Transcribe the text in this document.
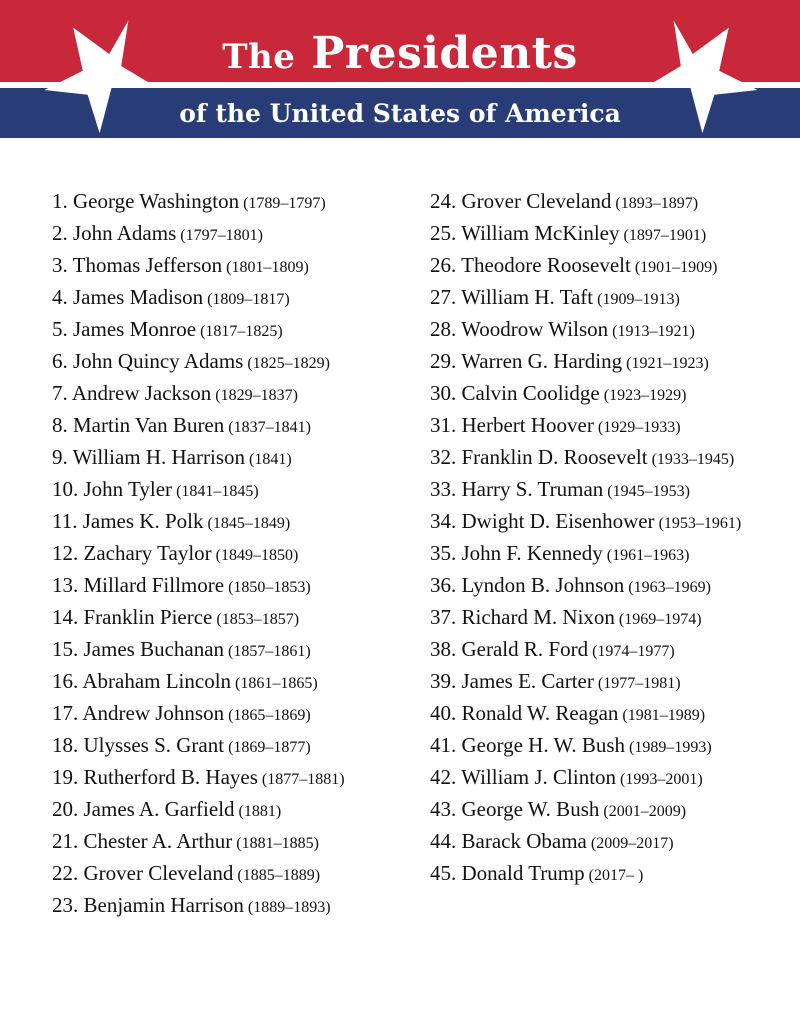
The Presidents
of the United States of America
1. George Washington (1789–1797)
2. John Adams (1797–1801)
3. Thomas Jefferson (1801–1809)
4. James Madison (1809–1817)
5. James Monroe (1817–1825)
6. John Quincy Adams (1825–1829)
7. Andrew Jackson (1829–1837)
8. Martin Van Buren (1837–1841)
9. William H. Harrison (1841)
10. John Tyler (1841–1845)
11. James K. Polk (1845–1849)
12. Zachary Taylor (1849–1850)
13. Millard Fillmore (1850–1853)
14. Franklin Pierce (1853–1857)
15. James Buchanan (1857–1861)
16. Abraham Lincoln (1861–1865)
17. Andrew Johnson (1865–1869)
18. Ulysses S. Grant (1869–1877)
19. Rutherford B. Hayes (1877–1881)
20. James A. Garfield (1881)
21. Chester A. Arthur (1881–1885)
22. Grover Cleveland (1885–1889)
23. Benjamin Harrison (1889–1893)
24. Grover Cleveland (1893–1897)
25. William McKinley (1897–1901)
26. Theodore Roosevelt (1901–1909)
27. William H. Taft (1909–1913)
28. Woodrow Wilson (1913–1921)
29. Warren G. Harding (1921–1923)
30. Calvin Coolidge (1923–1929)
31. Herbert Hoover (1929–1933)
32. Franklin D. Roosevelt (1933–1945)
33. Harry S. Truman (1945–1953)
34. Dwight D. Eisenhower (1953–1961)
35. John F. Kennedy (1961–1963)
36. Lyndon B. Johnson (1963–1969)
37. Richard M. Nixon (1969–1974)
38. Gerald R. Ford (1974–1977)
39. James E. Carter (1977–1981)
40. Ronald W. Reagan (1981–1989)
41. George H. W. Bush (1989–1993)
42. William J. Clinton (1993–2001)
43. George W. Bush (2001–2009)
44. Barack Obama (2009–2017)
45. Donald Trump (2017– )
